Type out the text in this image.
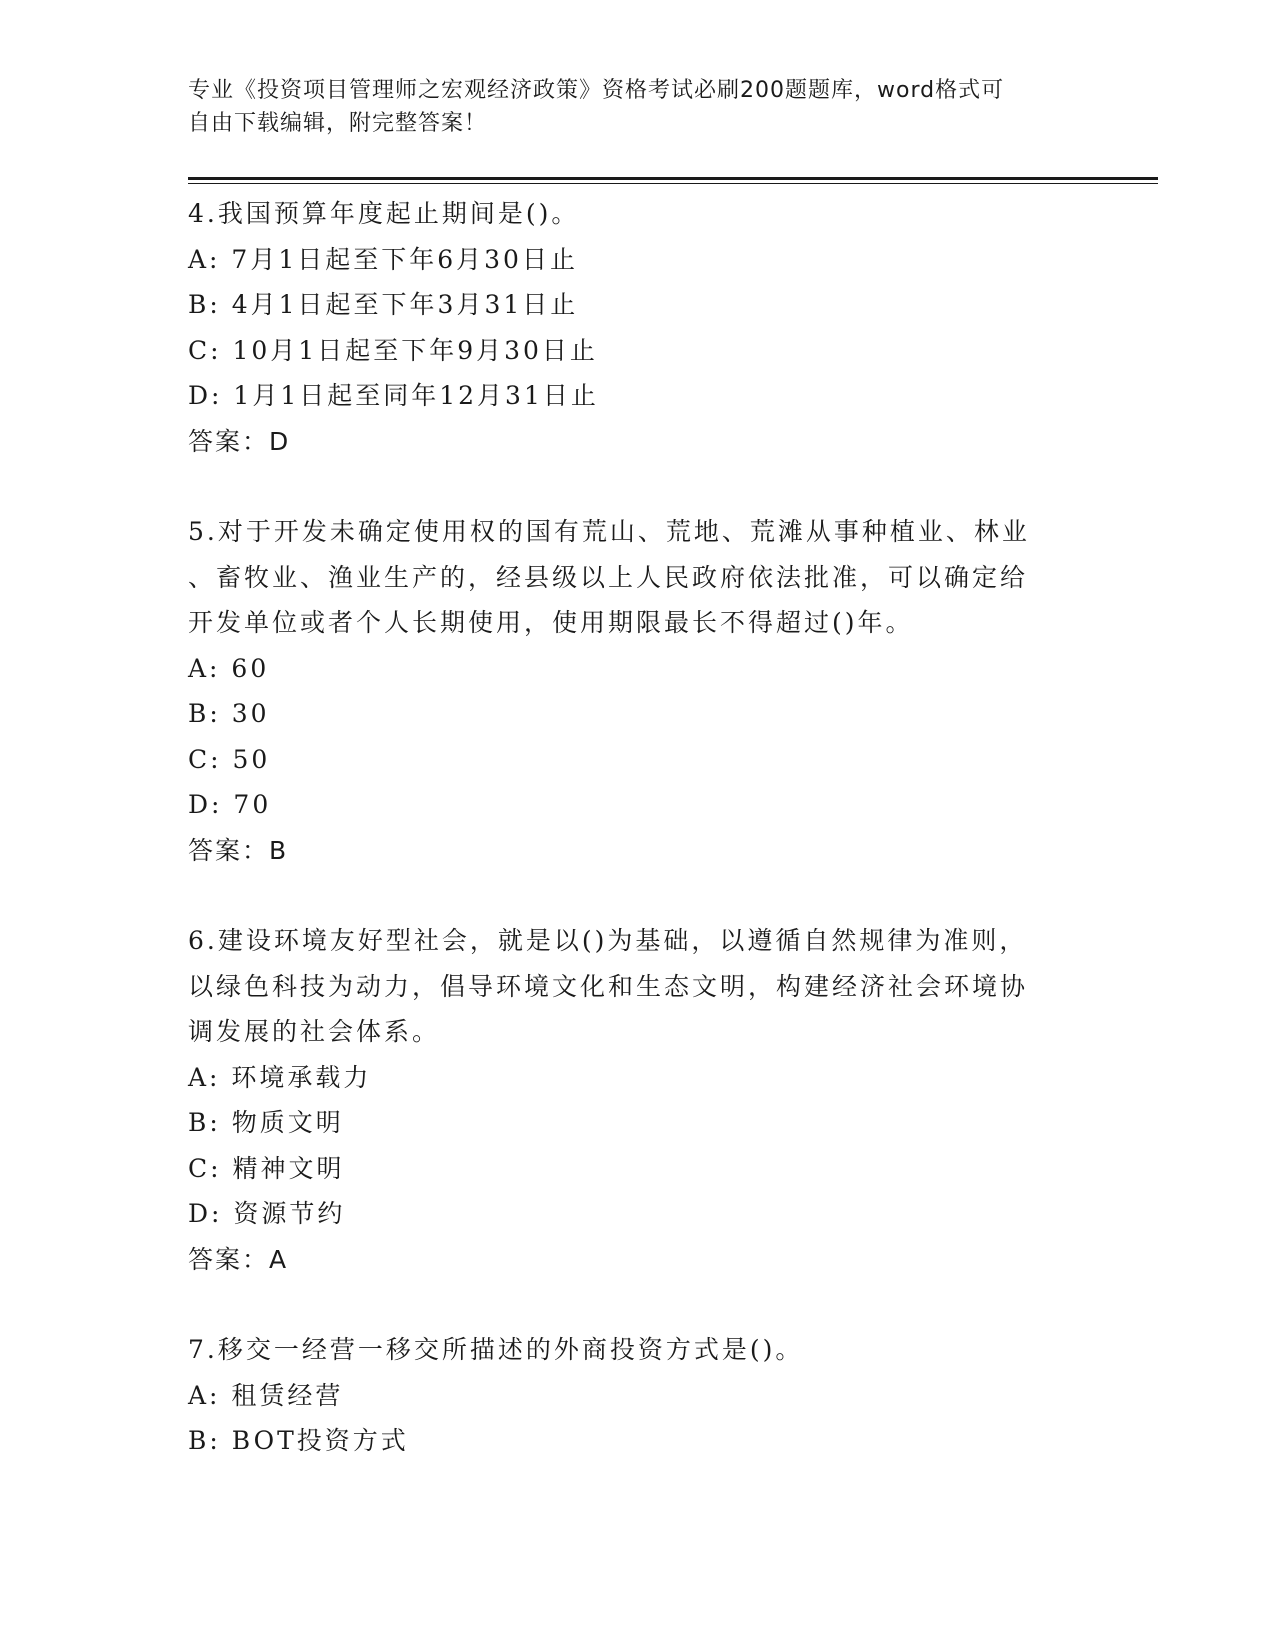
专业《投资项目管理师之宏观经济政策》资格考试必刷200题题库，word格式可
自由下载编辑，附完整答案！
4.我国预算年度起止期间是()。
A: 7月1日起至下年6月30日止
B: 4月1日起至下年3月31日止
C: 10月1日起至下年9月30日止
D: 1月1日起至同年12月31日止
答案：D
5.对于开发未确定使用权的国有荒山、荒地、荒滩从事种植业、林业
、畜牧业、渔业生产的，经县级以上人民政府依法批准，可以确定给
开发单位或者个人长期使用，使用期限最长不得超过()年。
A: 60
B: 30
C: 50
D: 70
答案：B
6.建设环境友好型社会，就是以()为基础，以遵循自然规律为准则，
以绿色科技为动力，倡导环境文化和生态文明，构建经济社会环境协
调发展的社会体系。
A: 环境承载力
B: 物质文明
C: 精神文明
D: 资源节约
答案：A
7.移交一经营一移交所描述的外商投资方式是()。
A: 租赁经营
B: BOT投资方式
